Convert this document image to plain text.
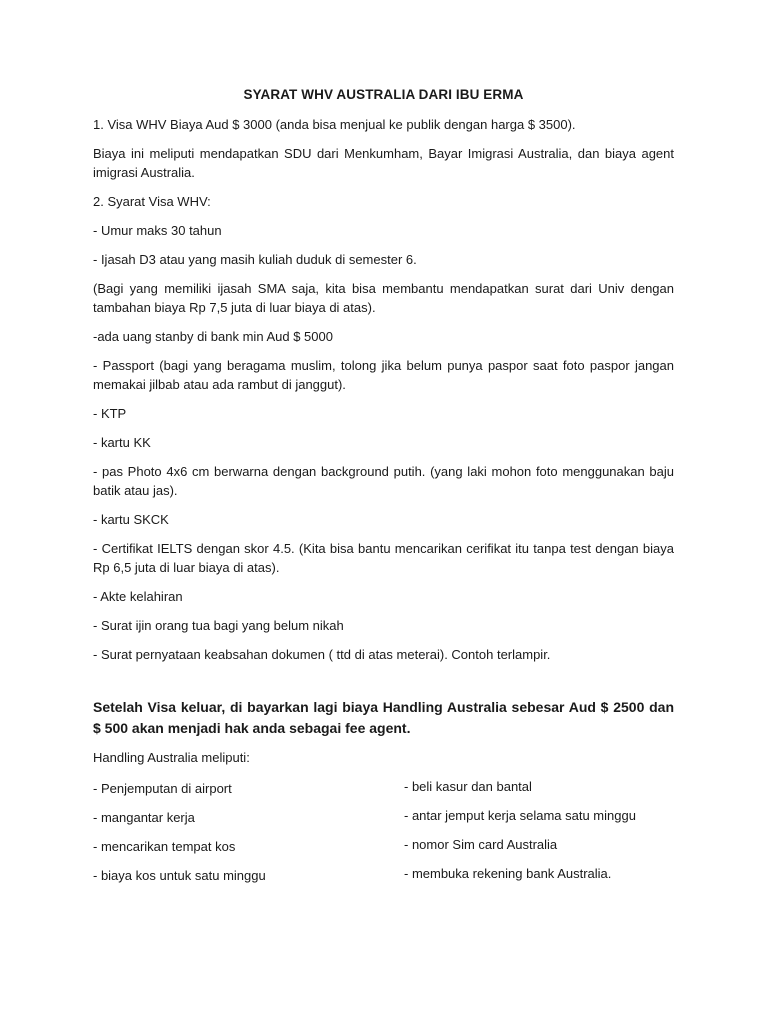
SYARAT WHV AUSTRALIA DARI IBU ERMA

1. Visa WHV Biaya Aud $ 3000 (anda bisa menjual ke publik dengan harga $ 3500).

Biaya ini meliputi mendapatkan SDU dari Menkumham, Bayar Imigrasi Australia, dan biaya agent imigrasi Australia.

2. Syarat Visa WHV:

- Umur maks 30 tahun

- Ijasah D3 atau yang masih kuliah duduk di semester 6.

(Bagi yang memiliki ijasah SMA saja, kita bisa membantu mendapatkan surat dari Univ dengan tambahan biaya Rp 7,5 juta di luar biaya di atas).

-ada uang stanby di bank min Aud $ 5000

- Passport (bagi yang beragama muslim, tolong jika belum punya paspor saat foto paspor jangan memakai jilbab atau ada rambut di janggut).

- KTP

- kartu KK

- pas Photo 4x6 cm berwarna dengan background putih. (yang laki mohon foto menggunakan baju batik atau jas).

- kartu SKCK

- Certifikat IELTS dengan skor 4.5. (Kita bisa bantu mencarikan cerifikat itu tanpa test dengan biaya Rp 6,5 juta di luar biaya di atas).

- Akte kelahiran

- Surat ijin orang tua bagi yang belum nikah

- Surat pernyataan keabsahan dokumen ( ttd di atas meterai). Contoh terlampir.

Setelah Visa keluar, di bayarkan lagi biaya Handling Australia sebesar Aud $ 2500 dan $ 500 akan menjadi hak anda sebagai fee agent.

Handling Australia meliputi:

- Penjemputan di airport
- mangantar kerja
- mencarikan tempat kos
- biaya kos untuk satu minggu
- beli kasur dan bantal
- antar jemput kerja selama satu minggu
- nomor Sim card Australia
- membuka rekening bank Australia.
